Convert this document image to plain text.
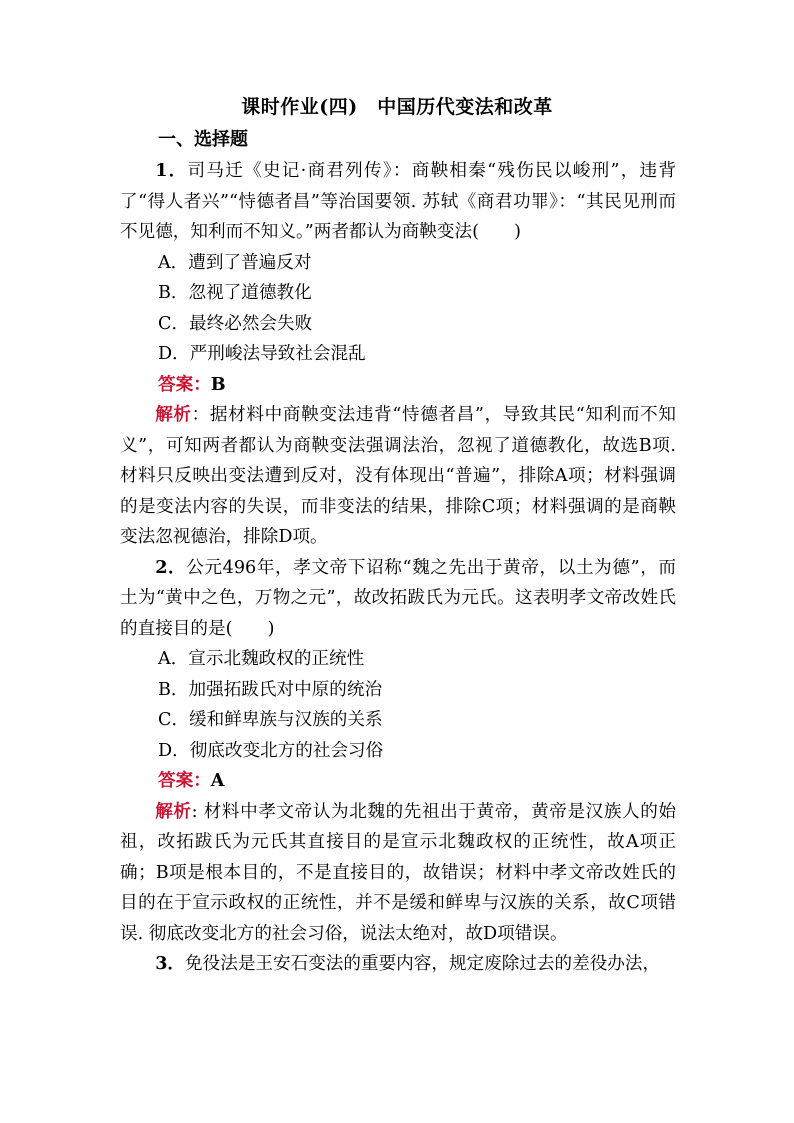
课时作业(四)　中国历代变法和改革
一、选择题

1．司马迁《史记·商君列传》：商鞅相秦“残伤民以峻刑”，违背了“得人者兴”“恃德者昌”等治国要领. 苏轼《商君功罪》：“其民见刑而不见德，知利而不知义。”两者都认为商鞅变法(　　)

A．遭到了普遍反对

B．忽视了道德教化

C．最终必然会失败

D．严刑峻法导致社会混乱

答案：B

解析：据材料中商鞅变法违背“恃德者昌”，导致其民“知利而不知义”，可知两者都认为商鞅变法强调法治，忽视了道德教化，故选B项. 材料只反映出变法遭到反对，没有体现出“普遍”，排除A项；材料强调的是变法内容的失误，而非变法的结果，排除C项；材料强调的是商鞅变法忽视德治，排除D项。

2．公元496年，孝文帝下诏称“魏之先出于黄帝，以土为德”，而土为“黄中之色，万物之元”，故改拓跋氏为元氏。这表明孝文帝改姓氏的直接目的是(　　)

A．宣示北魏政权的正统性

B．加强拓跋氏对中原的统治

C．缓和鲜卑族与汉族的关系

D．彻底改变北方的社会习俗

答案：A

解析: 材料中孝文帝认为北魏的先祖出于黄帝，黄帝是汉族人的始祖，改拓跋氏为元氏其直接目的是宣示北魏政权的正统性，故A项正确；B项是根本目的，不是直接目的，故错误；材料中孝文帝改姓氏的目的在于宣示政权的正统性，并不是缓和鲜卑与汉族的关系，故C项错误. 彻底改变北方的社会习俗，说法太绝对，故D项错误。

3．免役法是王安石变法的重要内容，规定废除过去的差役办法，
